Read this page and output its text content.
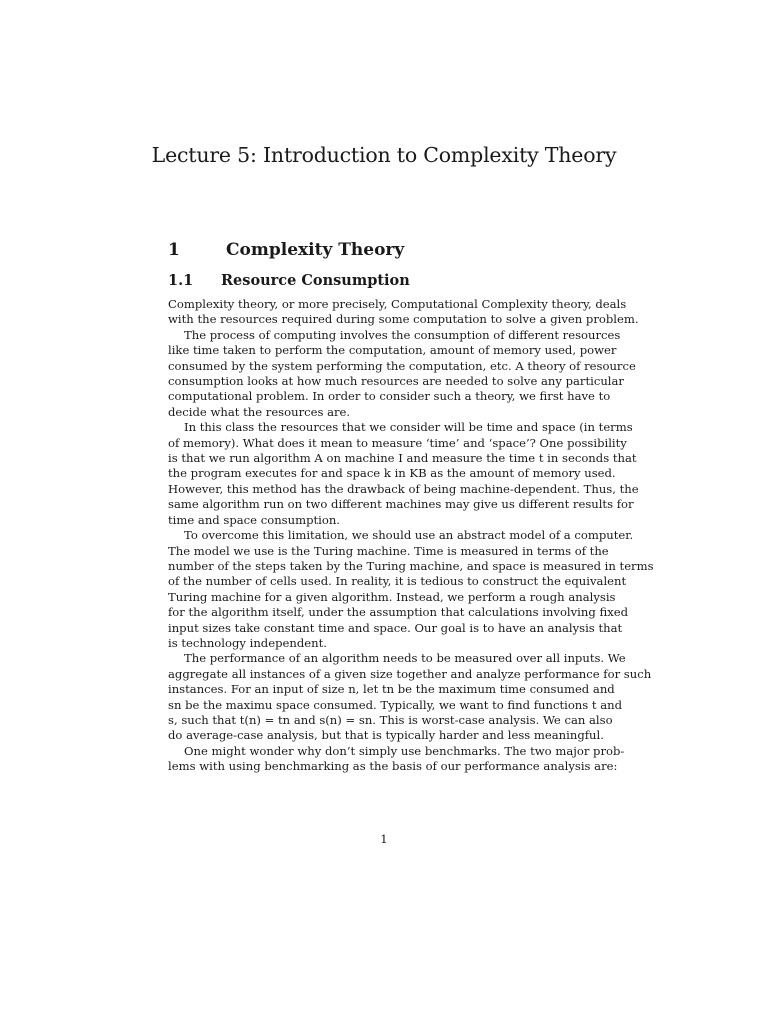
Lecture 5: Introduction to Complexity Theory
1	Complexity Theory
1.1 Resource Consumption
Complexity theory, or more precisely, Computational Complexity theory, deals
with the resources required during some computation to solve a given problem.
The process of computing involves the consumption of different resources
like time taken to perform the computation, amount of memory used, power
consumed by the system performing the computation, etc. A theory of resource
consumption looks at how much resources are needed to solve any particular
computational problem. In order to consider such a theory, we first have to
decide what the resources are.
In this class the resources that we consider will be time and space (in terms
of memory). What does it mean to measure ‘time’ and ‘space’? One possibility
is that we run algorithm A on machine I and measure the time t in seconds that
the program executes for and space k in KB as the amount of memory used.
However, this method has the drawback of being machine-dependent. Thus, the
same algorithm run on two different machines may give us different results for
time and space consumption.
To overcome this limitation, we should use an abstract model of a computer.
The model we use is the Turing machine. Time is measured in terms of the
number of the steps taken by the Turing machine, and space is measured in terms
of the number of cells used. In reality, it is tedious to construct the equivalent
Turing machine for a given algorithm. Instead, we perform a rough analysis
for the algorithm itself, under the assumption that calculations involving fixed
input sizes take constant time and space. Our goal is to have an analysis that
is technology independent.
The performance of an algorithm needs to be measured over all inputs. We
aggregate all instances of a given size together and analyze performance for such
instances. For an input of size n, let tn be the maximum time consumed and
sn be the maximu space consumed. Typically, we want to find functions t and
s, such that t(n) = tn and s(n) = sn. This is worst-case analysis. We can also
do average-case analysis, but that is typically harder and less meaningful.
One might wonder why don’t simply use benchmarks. The two major prob-
lems with using benchmarking as the basis of our performance analysis are:
1
